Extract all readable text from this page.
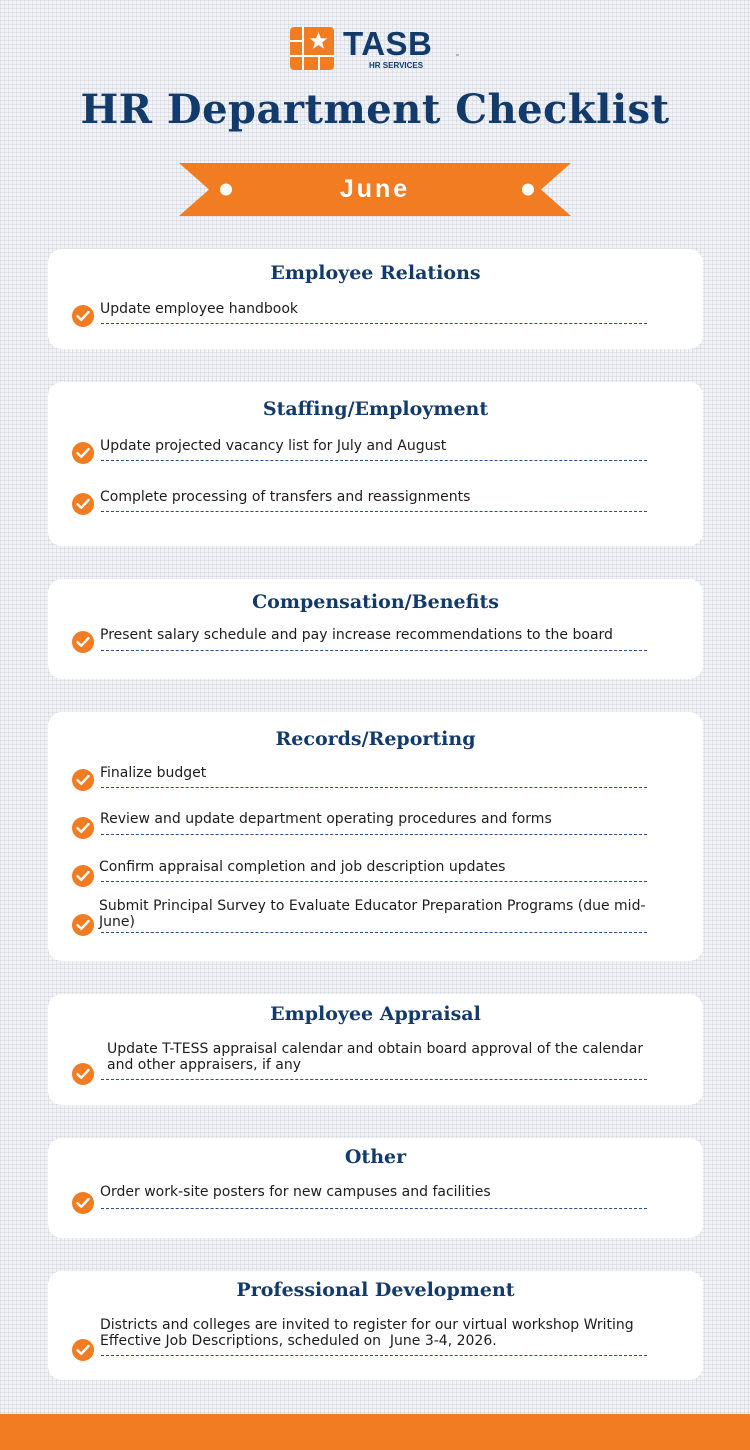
TASB	™
HR SERVICES
HR Department Checklist
June
Employee Relations
Update employee handbook
Staffing/Employment
Update projected vacancy list for July and August
Complete processing of transfers and reassignments
Compensation/Benefits
Present salary schedule and pay increase recommendations to the board
Records/Reporting
Finalize budget
Review and update department operating procedures and forms
Confirm appraisal completion and job description updates
Submit Principal Survey to Evaluate Educator Preparation Programs (due mid-June)
Employee Appraisal
Update T-TESS appraisal calendar and obtain board approval of the calendar and other appraisers, if any
Other
Order work-site posters for new campuses and facilities
Professional Development
Districts and colleges are invited to register for our virtual workshop Writing Effective Job Descriptions, scheduled on  June 3-4, 2026.
